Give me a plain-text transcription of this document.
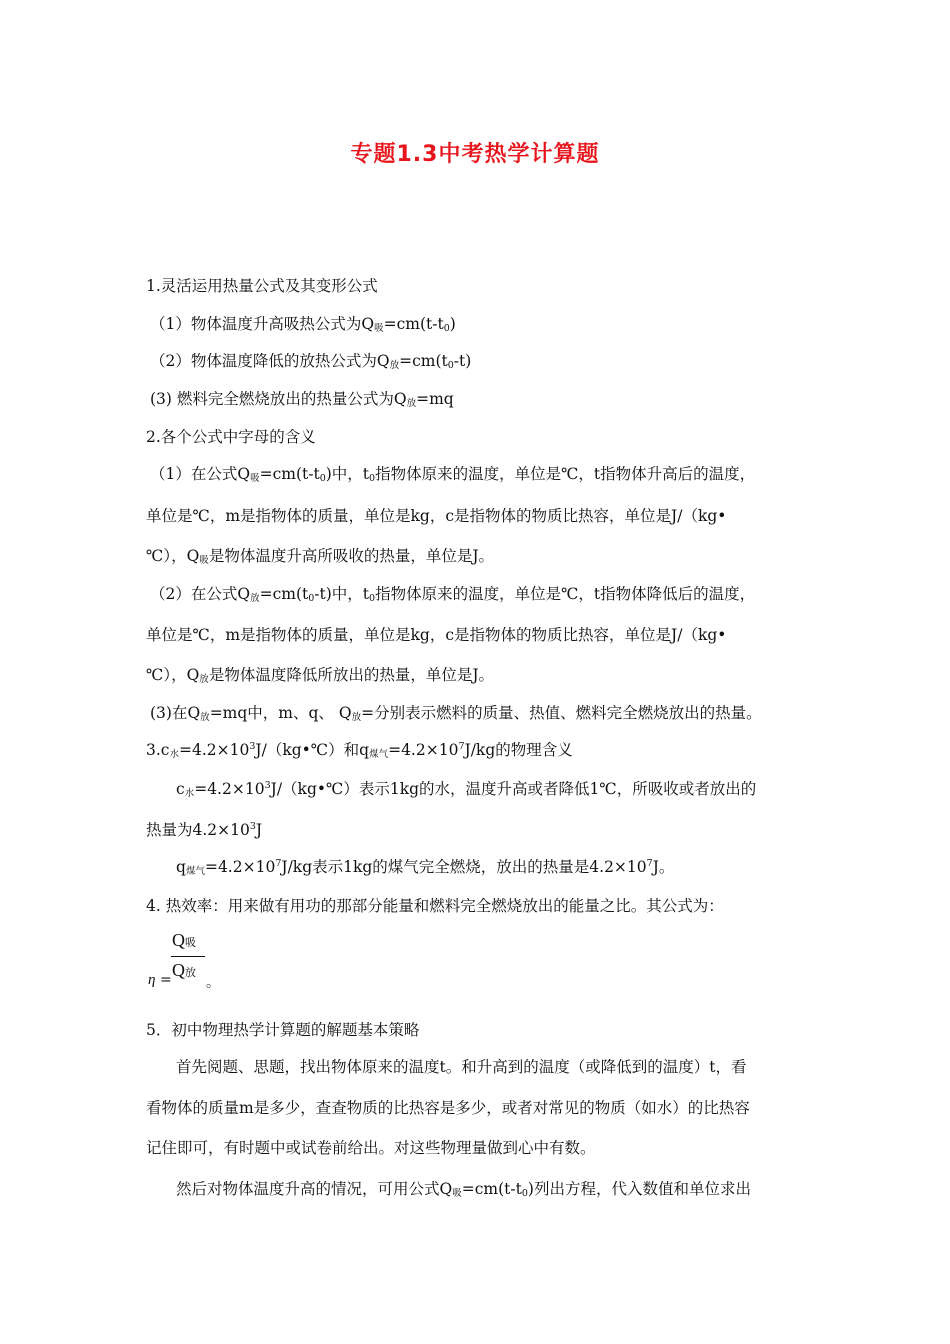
专题1.3中考热学计算题
1.灵活运用热量公式及其变形公式
（1）物体温度升高吸热公式为$Q_吸=cm(t-t_0)$
（2）物体温度降低的放热公式为$Q_放=cm(t_0-t)$
(3) 燃料完全燃烧放出的热量公式为$Q_放=mq$
2.各个公式中字母的含义
（1）在公式$Q_吸=cm(t-t_0)$中，$t_0$指物体原来的温度，单位是℃，t指物体升高后的温度，
单位是℃，m是指物体的质量，单位是kg，c是指物体的物质比热容，单位是J/（kg•
℃），$Q_吸$是物体温度升高所吸收的热量，单位是J。
（2）在公式$Q_放=cm(t_0-t)$中，$t_0$指物体原来的温度，单位是℃，t指物体降低后的温度，
单位是℃，m是指物体的质量，单位是kg，c是指物体的物质比热容，单位是J/（kg•
℃），$Q_放$是物体温度降低所放出的热量，单位是J。
(3)在$Q_放=mq$中，m、q、 $Q_放=$分别表示燃料的质量、热值、燃料完全燃烧放出的热量。
$3.c_水=4.2\times 10^3J/(kg•℃)$和$q_{煤气}=4.2\times 10^7J/kg$的物理含义
$c_水=4.2\times 10^3J/(kg•℃)$表示1kg的水，温度升高或者降低1℃，所吸收或者放出的
热量为$4.2\times 10^3J$
$q_{煤气}=4.2\times 10^7J/kg$表示1kg的煤气完全燃烧，放出的热量是$4.2\times 10^7J$。
4. 热效率：用来做有用功的那部分能量和燃料完全燃烧放出的能量之比。其公式为：
5．初中物理热学计算题的解题基本策略
首先阅题、思题，找出物体原来的温度t。和升高到的温度（或降低到的温度）t，看
看物体的质量m是多少，查查物质的比热容是多少，或者对常见的物质（如水）的比热容
记住即可，有时题中或试卷前给出。对这些物理量做到心中有数。
然后对物体温度升高的情况，可用公式$Q_吸=cm(t-t_0)$列出方程，代入数值和单位求出
Q吸
Q放
η = 。
